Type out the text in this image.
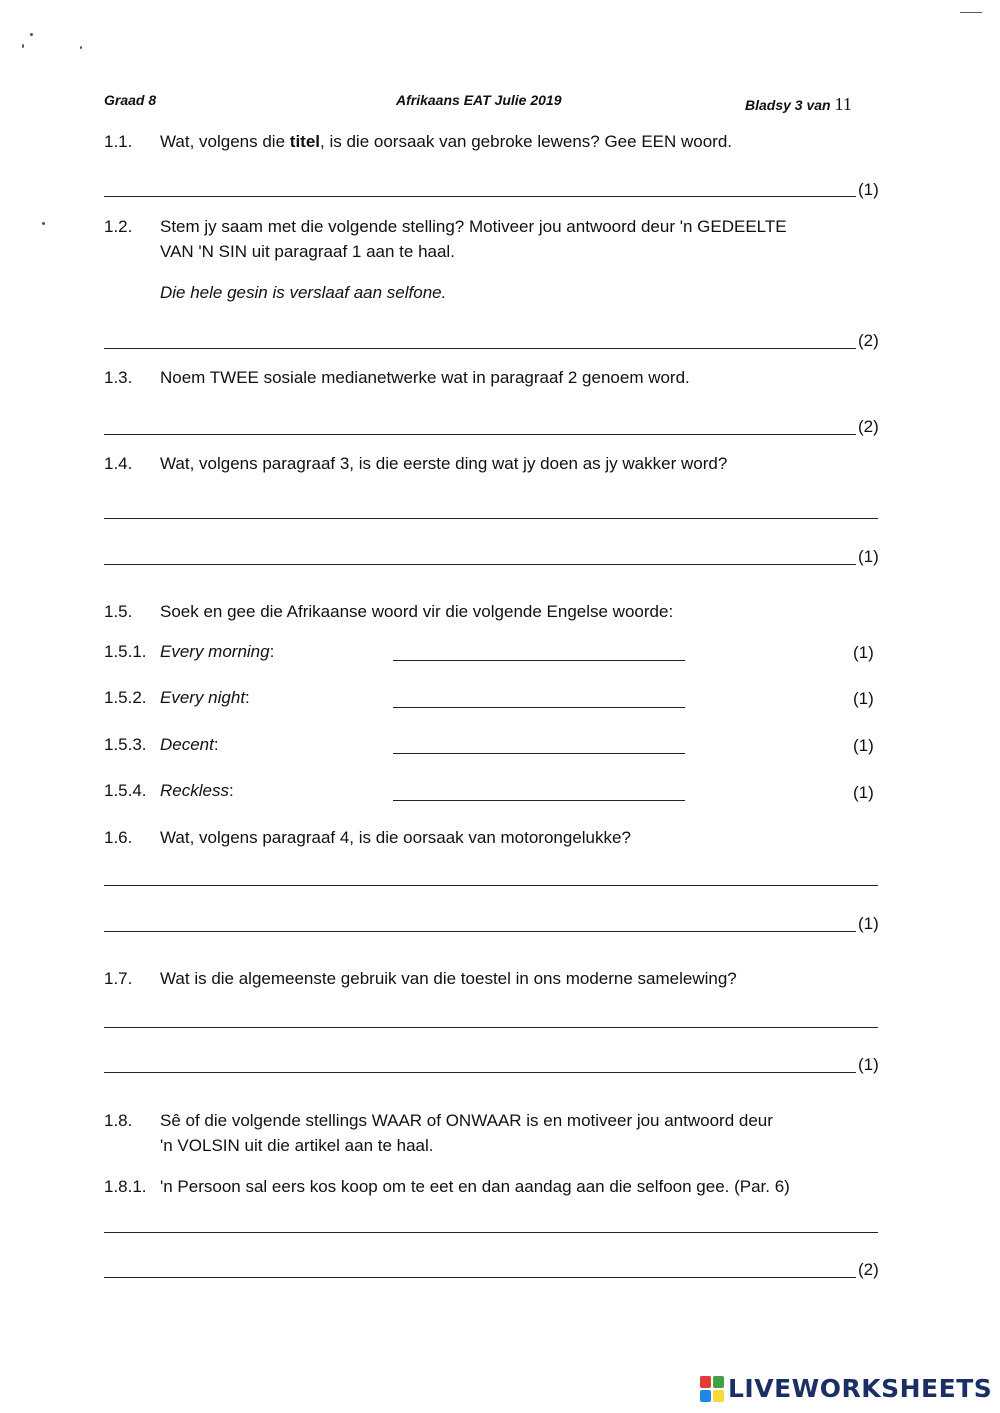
Graad 8	Afrikaans EAT Julie 2019	Bladsy 3 van 11
1.1.	Wat, volgens die titel, is die oorsaak van gebroke lewens? Gee EEN woord.
(1)
1.2.	Stem jy saam met die volgende stelling? Motiveer jou antwoord deur 'n GEDEELTE
VAN 'N SIN uit paragraaf 1 aan te haal.
Die hele gesin is verslaaf aan selfone.
(2)
1.3.	Noem TWEE sosiale medianetwerke wat in paragraaf 2 genoem word.
(2)
1.4.	Wat, volgens paragraaf 3, is die eerste ding wat jy doen as jy wakker word?
(1)
1.5.	Soek en gee die Afrikaanse woord vir die volgende Engelse woorde:
1.5.1. Every morning:	(1)
1.5.2. Every night:	(1)
1.5.3. Decent:	(1)
1.5.4. Reckless:	(1)
1.6.	Wat, volgens paragraaf 4, is die oorsaak van motorongelukke?
(1)
1.7.	Wat is die algemeenste gebruik van die toestel in ons moderne samelewing?
(1)
1.8.	Sê of die volgende stellings WAAR of ONWAAR is en motiveer jou antwoord deur
'n VOLSIN uit die artikel aan te haal.
1.8.1. 'n Persoon sal eers kos koop om te eet en dan aandag aan die selfoon gee. (Par. 6)
(2)
LIVEWORKSHEETS
